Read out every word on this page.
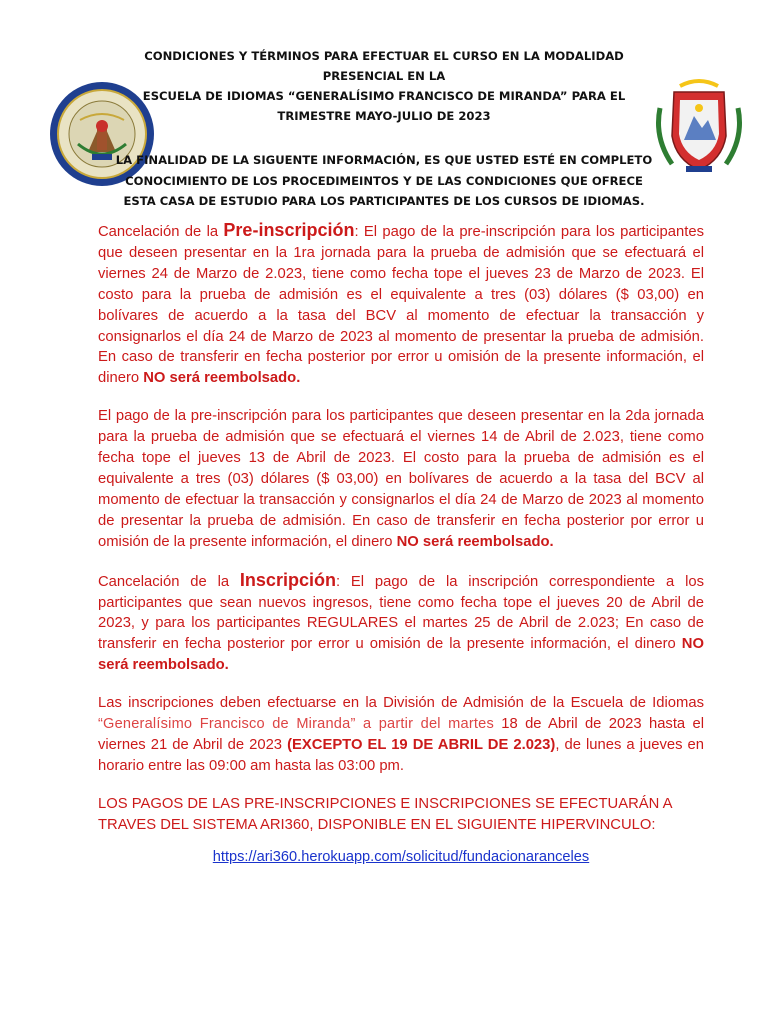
CONDICIONES Y TÉRMINOS PARA EFECTUAR EL CURSO EN LA MODALIDAD
PRESENCIAL EN LA
ESCUELA DE IDIOMAS “GENERALÍSIMO FRANCISCO DE MIRANDA” PARA EL
TRIMESTRE MAYO-JULIO DE 2023
LA FINALIDAD DE LA SIGUENTE INFORMACIÓN, ES QUE USTED ESTÉ EN COMPLETO
CONOCIMIENTO DE LOS PROCEDIMEINTOS Y DE LAS CONDICIONES QUE OFRECE
ESTA CASA DE ESTUDIO PARA LOS PARTICIPANTES DE LOS CURSOS DE IDIOMAS.

Cancelación de la Pre-inscripción: El pago de la pre-inscripción para los participantes que deseen presentar en la 1ra jornada para la prueba de admisión que se efectuará el viernes 24 de Marzo de 2.023, tiene como fecha tope el jueves 23 de Marzo de 2023. El costo para la prueba de admisión es el equivalente a tres (03) dólares ($ 03,00) en bolívares de acuerdo a la tasa del BCV al momento de efectuar la transacción y consignarlos el día 24 de Marzo de 2023 al momento de presentar la prueba de admisión. En caso de transferir en fecha posterior por error u omisión de la presente información, el dinero NO será reembolsado.

El pago de la pre-inscripción para los participantes que deseen presentar en la 2da jornada para la prueba de admisión que se efectuará el viernes 14 de Abril de 2.023, tiene como fecha tope el jueves 13 de Abril de 2023. El costo para la prueba de admisión es el equivalente a tres (03) dólares ($ 03,00) en bolívares de acuerdo a la tasa del BCV al momento de efectuar la transacción y consignarlos el día 24 de Marzo de 2023 al momento de presentar la prueba de admisión. En caso de transferir en fecha posterior por error u omisión de la presente información, el dinero NO será reembolsado.

Cancelación de la Inscripción: El pago de la inscripción correspondiente a los participantes que sean nuevos ingresos, tiene como fecha tope el jueves 20 de Abril de 2023, y para los participantes REGULARES el martes 25 de Abril de 2.023; En caso de transferir en fecha posterior por error u omisión de la presente información, el dinero NO será reembolsado.

Las inscripciones deben efectuarse en la División de Admisión de la Escuela de Idiomas “Generalísimo Francisco de Miranda” a partir del martes 18 de Abril de 2023 hasta el viernes 21 de Abril de 2023 (EXCEPTO EL 19 DE ABRIL DE 2.023), de lunes a jueves en horario entre las 09:00 am hasta las 03:00 pm.

LOS PAGOS DE LAS PRE-INSCRIPCIONES E INSCRIPCIONES SE EFECTUARÁN A TRAVES DEL SISTEMA ARI360, DISPONIBLE EN EL SIGUIENTE HIPERVINCULO:

https://ari360.herokuapp.com/solicitud/fundacionaranceles
